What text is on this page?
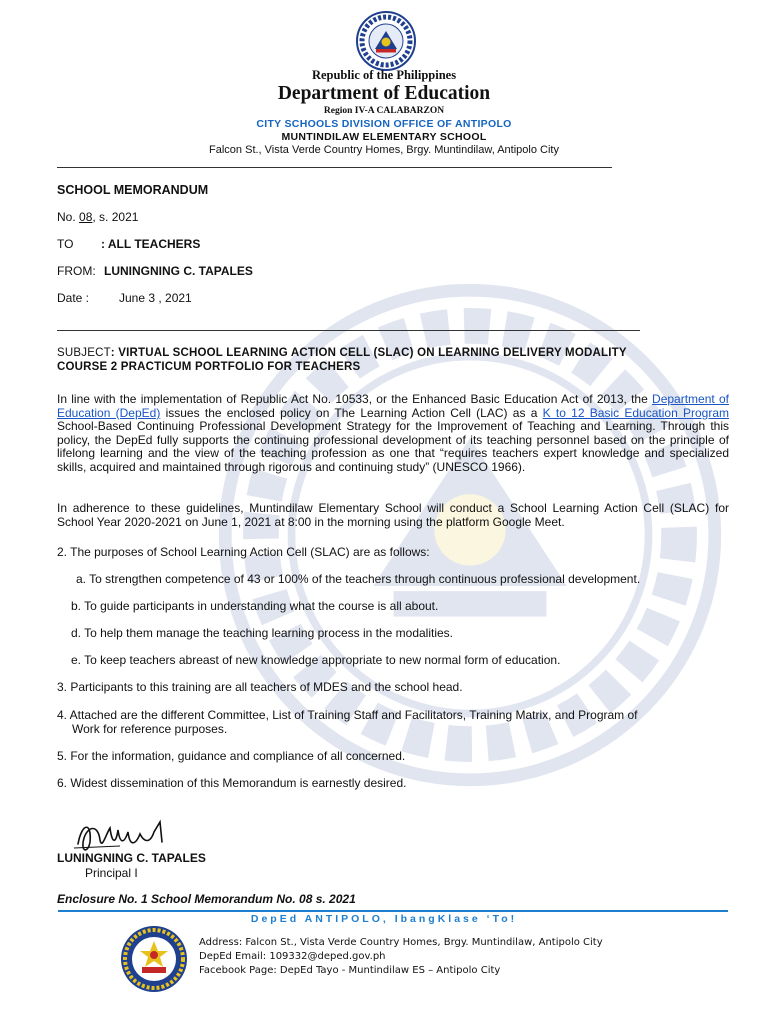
Republic of the Philippines
Department of Education
Region IV-A CALABARZON
CITY SCHOOLS DIVISION OFFICE OF ANTIPOLO
MUNTINDILAW ELEMENTARY SCHOOL
Falcon St., Vista Verde Country Homes, Brgy. Muntindilaw, Antipolo City
SCHOOL MEMORANDUM
No. 08, s. 2021
TO : ALL TEACHERS
FROM: LUNINGNING C. TAPALES
Date : June 3 , 2021
SUBJECT: VIRTUAL SCHOOL LEARNING ACTION CELL (SLAC) ON LEARNING DELIVERY MODALITY
COURSE 2 PRACTICUM PORTFOLIO FOR TEACHERS
In line with the implementation of Republic Act No. 10533, or the Enhanced Basic Education Act of 2013, the Department of Education (DepEd) issues the enclosed policy on The Learning Action Cell (LAC) as a K to 12 Basic Education Program School-Based Continuing Professional Development Strategy for the Improvement of Teaching and Learning. Through this policy, the DepEd fully supports the continuing professional development of its teaching personnel based on the principle of lifelong learning and the view of the teaching profession as one that “requires teachers expert knowledge and specialized skills, acquired and maintained through rigorous and continuing study” (UNESCO 1966).
In adherence to these guidelines, Muntindilaw Elementary School will conduct a School Learning Action Cell (SLAC) for School Year 2020-2021 on June 1, 2021 at 8:00 in the morning using the platform Google Meet.
2. The purposes of School Learning Action Cell (SLAC) are as follows:
a. To strengthen competence of 43 or 100% of the teachers through continuous professional development.
b. To guide participants in understanding what the course is all about.
d. To help them manage the teaching learning process in the modalities.
e. To keep teachers abreast of new knowledge appropriate to new normal form of education.
3. Participants to this training are all teachers of MDES and the school head.
4. Attached are the different Committee, List of Training Staff and Facilitators, Training Matrix, and Program of
Work for reference purposes.
5. For the information, guidance and compliance of all concerned.
6. Widest dissemination of this Memorandum is earnestly desired.
LUNINGNING C. TAPALES
Principal I
Enclosure No. 1 School Memorandum No. 08 s. 2021
DepEd ANTIPOLO, IbangKlase ‘To!
Address: Falcon St., Vista Verde Country Homes, Brgy. Muntindilaw, Antipolo City
DepEd Email: 109332@deped.gov.ph
Facebook Page: DepEd Tayo - Muntindilaw ES – Antipolo City
